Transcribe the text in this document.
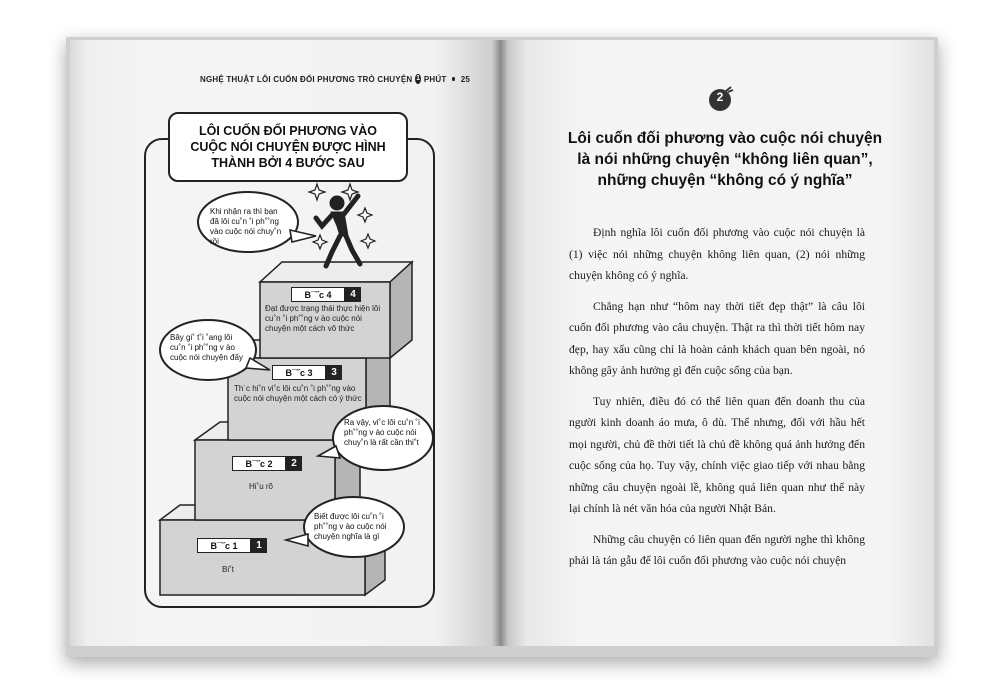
NGHỆ THUẬT LÔI CUỐN ĐỐI PHƯƠNG TRÒ CHUYỆN 1 PHÚT 25
LÔI CUỐN ĐỐI PHƯƠNG VÀO CUỘC NÓI CHUYỆN ĐƯỢC HÌNH THÀNH BỞI 4 BƯỚC SAU
B¯˝c 1	1
Bi˚t
B¯˝c 2	2
Hi˚u rõ
B¯˝c 3	3
Th˙c hi˚n vi˚c lôi cu˚n ˚i ph˚˚ng vào cuộc nói chuyện một cách có ý thức
B¯˝c 4	4
Đạt được trạng thái thực hiện lôi cu˚n ˚i ph˚˚ng v ào cuộc nói chuyện một cách vô thức
Khi nhận ra thì bạn đã lôi cu˚n ˚i ph˚˚ng vào cuộc nói chuy˚n rồi
Bây gi˚ t˚i ˚ang lôi cu˚n ˚i ph˚˚ng v ào cuộc nói chuyện đấy
Ra vậy, vi˚c lôi cu˚n ˚i ph˚˚ng v ào cuộc nói chuy˚n là rất cần thi˚t
Biết được lôi cu˚n ˚i ph˚˚ng v ào cuộc nói chuyện nghĩa là gì
2
Lôi cuốn đối phương vào cuộc nói chuyện
là nói những chuyện “không liên quan”,
những chuyện “không có ý nghĩa”

Định nghĩa lôi cuốn đối phương vào cuộc nói chuyện là (1) việc nói những chuyện không liên quan, (2) nói những chuyện không có ý nghĩa.

Chẳng hạn như “hôm nay thời tiết đẹp thật” là câu lôi cuốn đối phương vào câu chuyện. Thật ra thì thời tiết hôm nay đẹp, hay xấu cũng chỉ là hoàn cảnh khách quan bên ngoài, nó không gây ảnh hưởng gì đến cuộc sống của bạn.

Tuy nhiên, điều đó có thể liên quan đến doanh thu của người kinh doanh áo mưa, ô dù. Thế nhưng, đối với hầu hết mọi người, chủ đề thời tiết là chủ đề không quá ảnh hưởng đến cuộc sống của họ. Tuy vậy, chính việc giao tiếp với nhau bằng những câu chuyện ngoài lề, không quá liên quan như thế này lại chính là nét văn hóa của người Nhật Bản.

Những câu chuyện có liên quan đến người nghe thì không phải là tán gẫu để lôi cuốn đối phương vào cuộc nói chuyện
